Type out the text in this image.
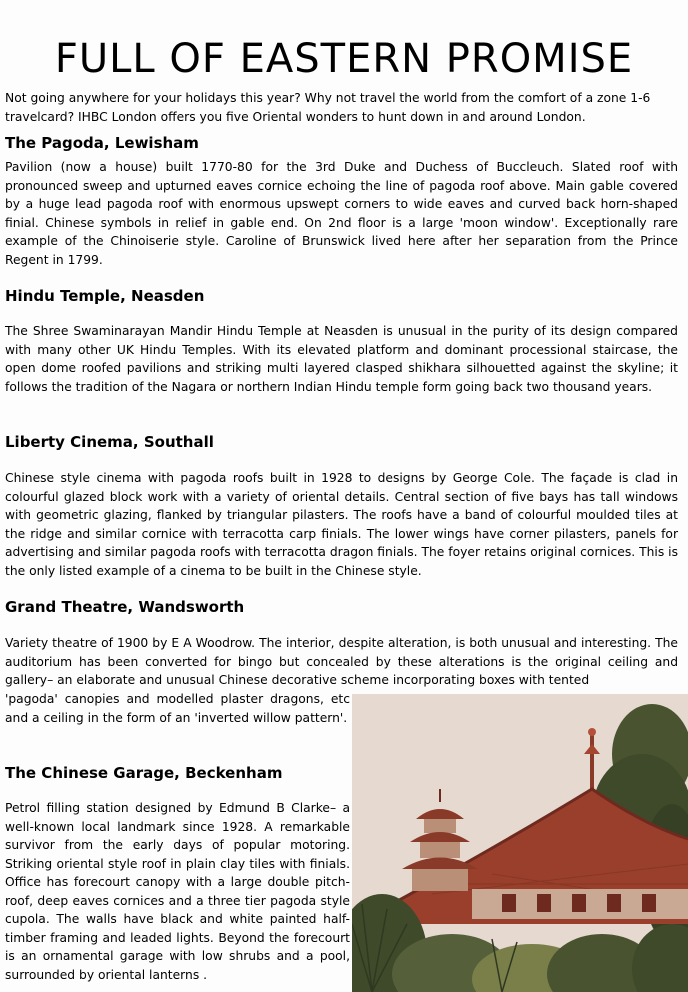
FULL OF EASTERN PROMISE

Not going anywhere for your holidays this year? Why not travel the world from the comfort of a zone 1-6 travelcard? IHBC London offers you five Oriental wonders to hunt down in and around London.

The Pagoda, Lewisham

Pavilion (now a house) built 1770-80 for the 3rd Duke and Duchess of Buccleuch. Slated roof with pronounced sweep and upturned eaves cornice echoing the line of pagoda roof above. Main gable covered by a huge lead pagoda roof with enormous upswept corners to wide eaves and curved back horn-shaped finial. Chinese symbols in relief in gable end. On 2nd floor is a large 'moon window'. Exceptionally rare example of the Chinoiserie style. Caroline of Brunswick lived here after her separation from the Prince Regent in 1799.

Hindu Temple, Neasden

The Shree Swaminarayan Mandir Hindu Temple at Neasden is unusual in the purity of its design compared with many other UK Hindu Temples. With its elevated platform and dominant processional staircase, the open dome roofed pavilions and striking multi layered clasped shikhara silhouetted against the skyline; it follows the tradition of the Nagara or northern Indian Hindu temple form going back two thousand years.

Liberty Cinema, Southall

Chinese style cinema with pagoda roofs built in 1928 to designs by George Cole. The façade is clad in colourful glazed block work with a variety of oriental details. Central section of five bays has tall windows with geometric glazing, flanked by triangular pilasters. The roofs have a band of colourful moulded tiles at the ridge and similar cornice with terracotta carp finials. The lower wings have corner pilasters, panels for advertising and similar pagoda roofs with terracotta dragon finials. The foyer retains original cornices. This is the only listed example of a cinema to be built in the Chinese style.

Grand Theatre, Wandsworth

Variety theatre of 1900 by E A Woodrow. The interior, despite alteration, is both unusual and interesting. The auditorium has been converted for bingo but concealed by these alterations is the original ceiling and gallery– an elaborate and unusual Chinese decorative scheme incorporating boxes with tented

'pagoda' canopies and modelled plaster dragons, etc and a ceiling in the form of an 'inverted willow pattern'.

The Chinese Garage, Beckenham

Petrol filling station designed by Edmund B Clarke– a well-known local landmark since 1928. A remarkable survivor from the early days of popular motoring. Striking oriental style roof in plain clay tiles with finials. Office has forecourt canopy with a large double pitch-roof, deep eaves cornices and a three tier pagoda style cupola. The walls have black and white painted half-timber framing and leaded lights. Beyond the forecourt is an ornamental garage with low shrubs and a pool, surrounded by oriental lanterns .
